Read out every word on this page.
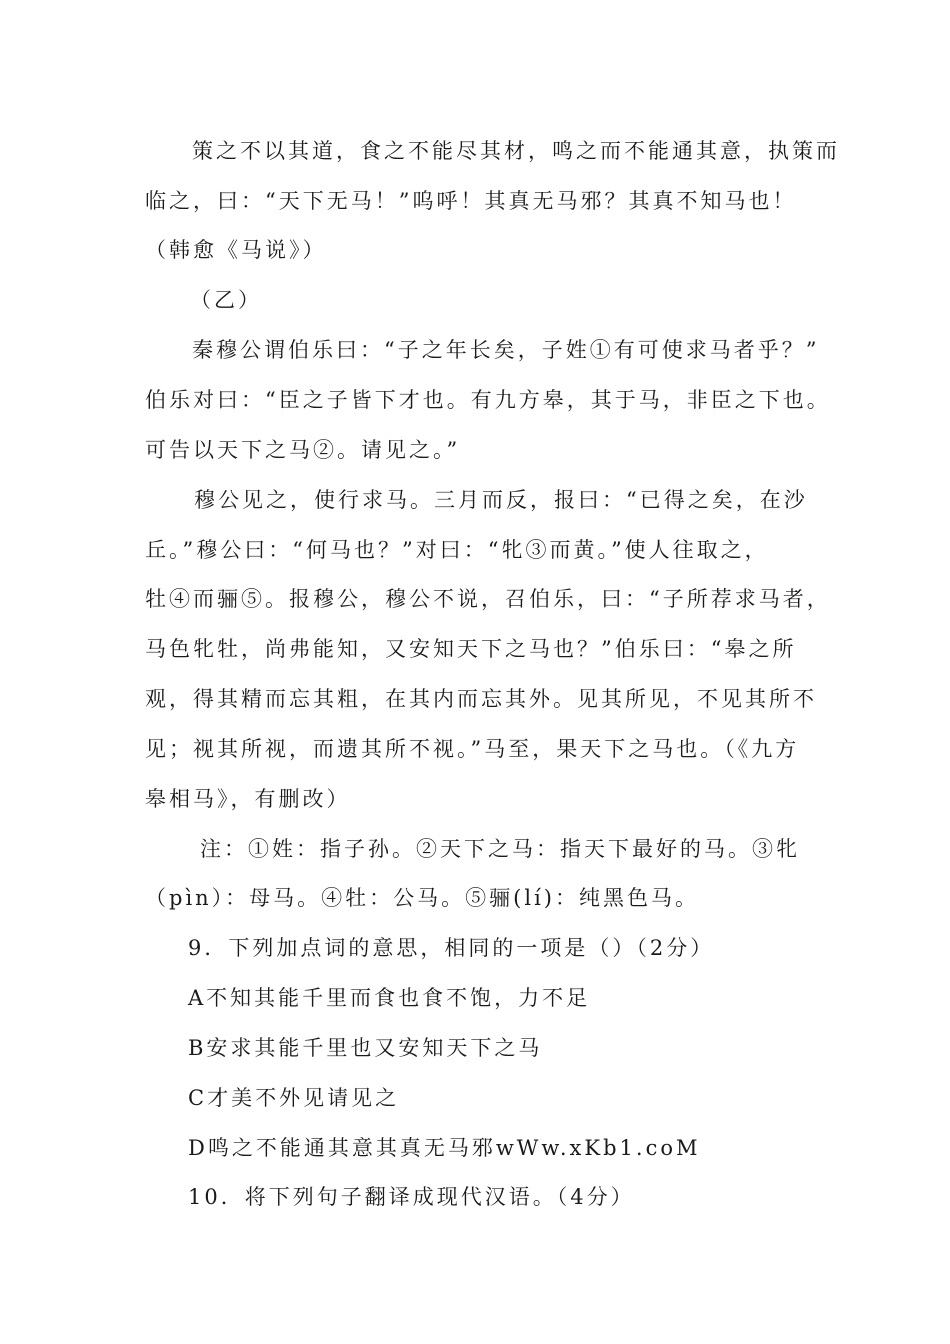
策之不以其道，食之不能尽其材，鸣之而不能通其意，执策而
临之，曰：“天下无马！”呜呼！其真无马邪？其真不知马也！
（韩愈《马说》）
（乙）
秦穆公谓伯乐曰：“子之年长矣，子姓①有可使求马者乎？”
伯乐对曰：“臣之子皆下才也。有九方皋，其于马，非臣之下也。
可告以天下之马②。请见之。”
穆公见之，使行求马。三月而反，报曰：“已得之矣，在沙
丘。”穆公曰：“何马也？”对曰：“牝③而黄。”使人往取之，
牡④而骊⑤。报穆公，穆公不说，召伯乐，曰：“子所荐求马者，
马色牝牡，尚弗能知，又安知天下之马也？”伯乐曰：“皋之所
观，得其精而忘其粗，在其内而忘其外。见其所见，不见其所不
见；视其所视，而遗其所不视。”马至，果天下之马也。（《九方
皋相马》，有删改）
注：①姓：指子孙。②天下之马：指天下最好的马。③牝
（pìn）：母马。④牡：公马。⑤骊(lí)：纯黑色马。
9．下列加点词的意思，相同的一项是（）（2分）
A不知其能千里而食也食不饱，力不足
B安求其能千里也又安知天下之马
C才美不外见请见之
D鸣之不能通其意其真无马邪wWw.xKb1.coM
10．将下列句子翻译成现代汉语。（4分）
